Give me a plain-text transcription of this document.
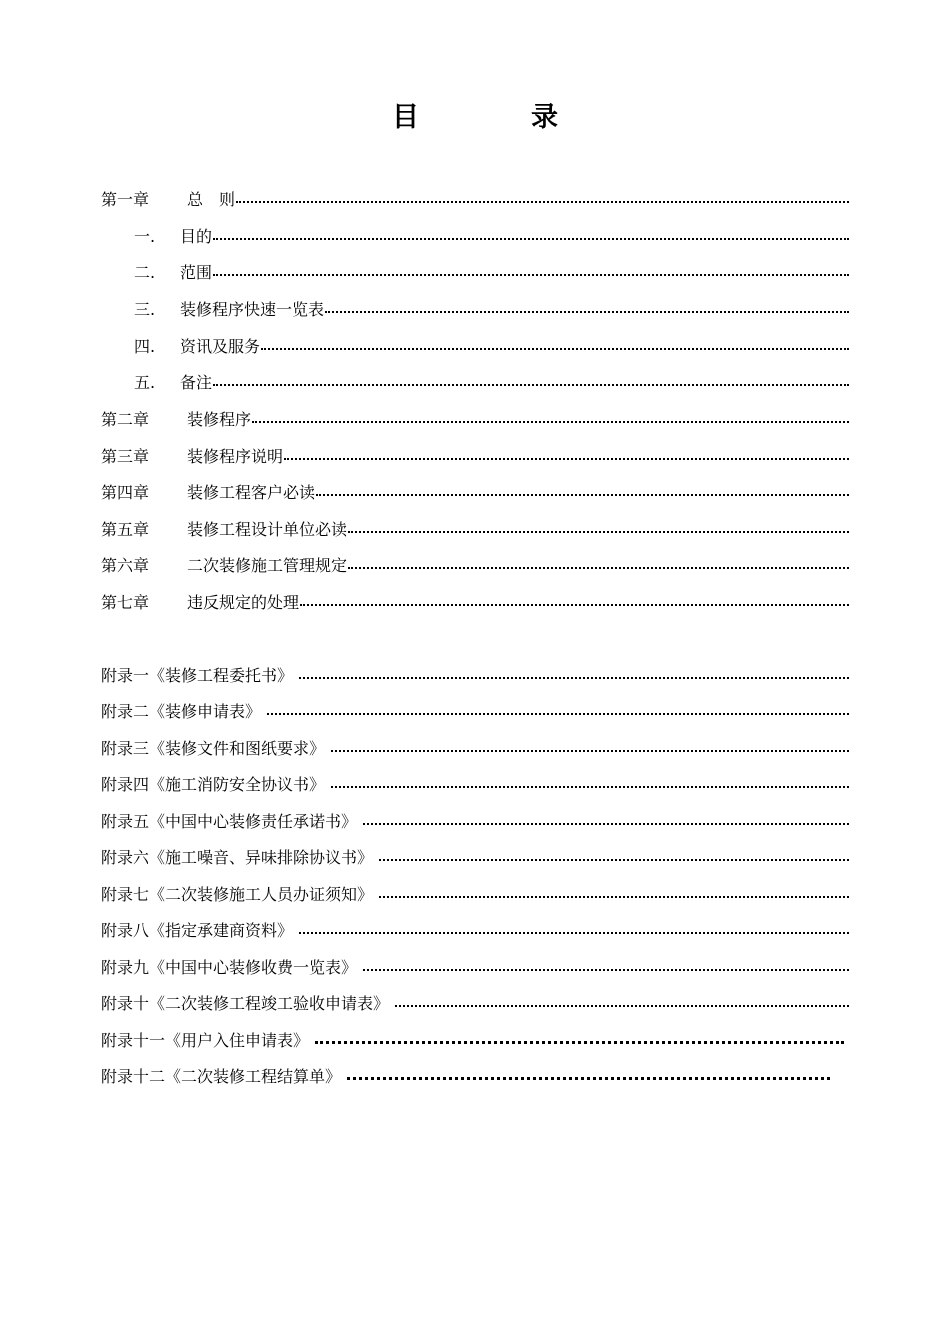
目	录
第一章	总　则
一.	目的
二.	范围
三.	装修程序快速一览表
四.	资讯及服务
五.	备注
第二章	装修程序
第三章	装修程序说明
第四章	装修工程客户必读
第五章	装修工程设计单位必读
第六章	二次装修施工管理规定
第七章	违反规定的处理
附录一《装修工程委托书》
附录二《装修申请表》
附录三《装修文件和图纸要求》
附录四《施工消防安全协议书》
附录五《中国中心装修责任承诺书》
附录六《施工噪音、异味排除协议书》
附录七《二次装修施工人员办证须知》
附录八《指定承建商资料》
附录九《中国中心装修收费一览表》
附录十《二次装修工程竣工验收申请表》
附录十一《用户入住申请表》
附录十二《二次装修工程结算单》
